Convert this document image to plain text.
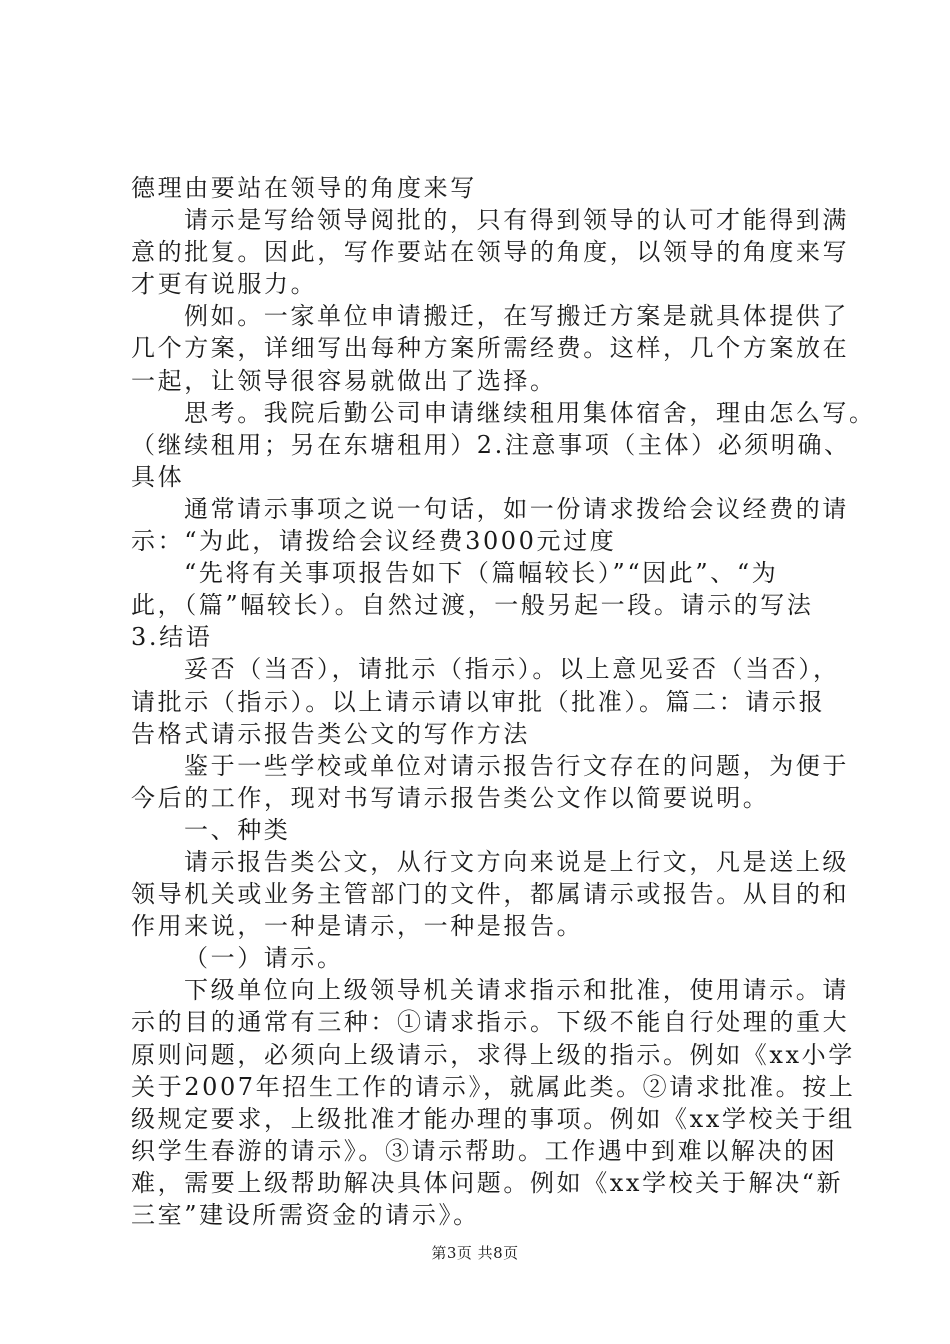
德理由要站在领导的角度来写
请示是写给领导阅批的，只有得到领导的认可才能得到满
意的批复。因此，写作要站在领导的角度，以领导的角度来写
才更有说服力。
例如。一家单位申请搬迁，在写搬迁方案是就具体提供了
几个方案，详细写出每种方案所需经费。这样，几个方案放在
一起，让领导很容易就做出了选择。
思考。我院后勤公司申请继续租用集体宿舍，理由怎么写。
（继续租用；另在东塘租用）2.注意事项（主体）必须明确、
具体
通常请示事项之说一句话，如一份请求拨给会议经费的请
示：“为此，请拨给会议经费3000元过度
“先将有关事项报告如下（篇幅较长）”“因此”、“为
此，（篇”幅较长）。自然过渡，一般另起一段。请示的写法
3.结语
妥否（当否），请批示（指示）。以上意见妥否（当否），
请批示（指示）。以上请示请以审批（批准）。篇二：请示报
告格式请示报告类公文的写作方法
鉴于一些学校或单位对请示报告行文存在的问题，为便于
今后的工作，现对书写请示报告类公文作以简要说明。
一、种类
请示报告类公文，从行文方向来说是上行文，凡是送上级
领导机关或业务主管部门的文件，都属请示或报告。从目的和
作用来说，一种是请示，一种是报告。
（一）请示。
下级单位向上级领导机关请求指示和批准，使用请示。请
示的目的通常有三种：①请求指示。下级不能自行处理的重大
原则问题，必须向上级请示，求得上级的指示。例如《xx小学
关于2007年招生工作的请示》，就属此类。②请求批准。按上
级规定要求，上级批准才能办理的事项。例如《xx学校关于组
织学生春游的请示》。③请示帮助。工作遇中到难以解决的困
难，需要上级帮助解决具体问题。例如《xx学校关于解决“新
三室”建设所需资金的请示》。
第3页 共8页
